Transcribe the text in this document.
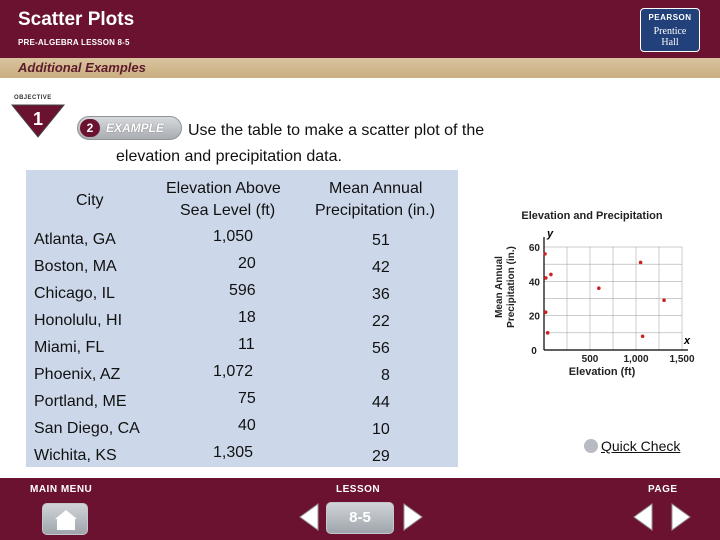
Scatter Plots
PRE-ALGEBRA LESSON 8-5
PEARSON
Prentice
Hall
Additional Examples
OBJECTIVE
1	2	EXAMPLE	Use the table to make a scatter plot of the
elevation and precipitation data.
City
Elevation Above
Sea Level (ft)
Mean Annual
Precipitation (in.)
Atlanta, GA	1,050	51
Boston, MA	20	42
Chicago, IL	596	36
Honolulu, HI	18	22
Miami, FL	11	56
Phoenix, AZ	1,072	8
Portland, ME	75	44
San Diego, CA	40	10
Wichita, KS	1,305	29
Elevation and Precipitation
x
y
0
20
40
60
500	1,000 1,500
Mean Annual Precipitation (in.)
Elevation (ft)
Quick Check
MAIN MENU	LESSON	PAGE
8-5
